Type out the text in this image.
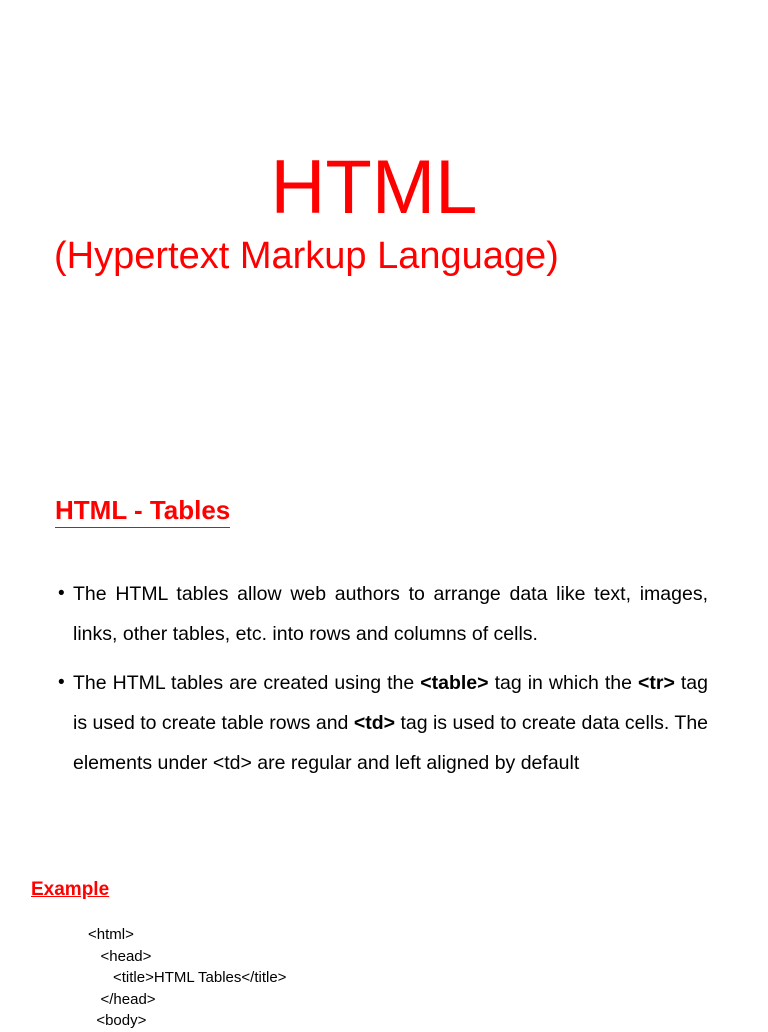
HTML
(Hypertext Markup Language)
HTML - Tables
• The HTML tables allow web authors to arrange data like text, images, links, other tables, etc. into rows and columns of cells.
• The HTML tables are created using the <table> tag in which the <tr> tag is used to create table rows and <td> tag is used to create data cells. The elements under <td> are regular and left aligned by default
Example
<html>
<head>
<title>HTML Tables</title>
</head>
<body>
